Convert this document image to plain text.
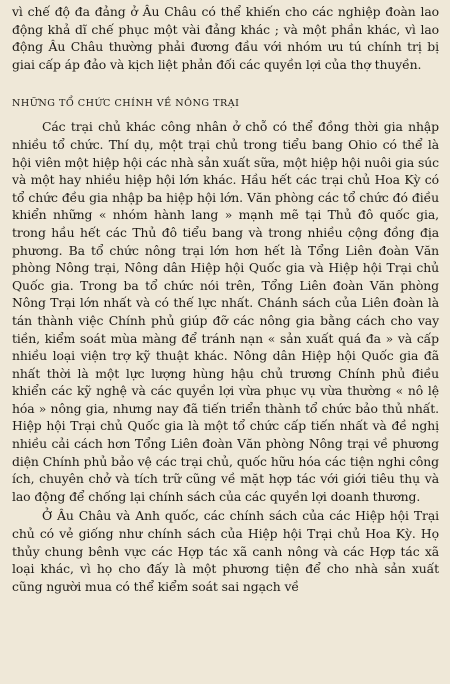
vì chế độ đa đảng ở Âu Châu có thể khiến cho các nghiệp đoàn lao động khả dĩ chế phục một vài đảng khác ; và một phần khác, vì lao động Âu Châu thường phải đương đầu với nhóm ưu tú chính trị bị giai cấp áp đảo và kịch liệt phản đối các quyền lợi của thợ thuyền.

NHỮNG TỔ CHỨC CHÍNH VỀ NÔNG TRẠI

Các trại chủ khác công nhân ở chỗ có thể đồng thời gia nhập nhiều tổ chức. Thí dụ, một trại chủ trong tiểu bang Ohio có thể là hội viên một hiệp hội các nhà sản xuất sữa, một hiệp hội nuôi gia súc và một hay nhiều hiệp hội lớn khác. Hầu hết các trại chủ Hoa Kỳ có tổ chức đều gia nhập ba hiệp hội lớn. Văn phòng các tổ chức đó điều khiển những « nhóm hành lang » mạnh mẽ tại Thủ đô quốc gia, trong hầu hết các Thủ đô tiểu bang và trong nhiều cộng đồng địa phương. Ba tổ chức nông trại lớn hơn hết là Tổng Liên đoàn Văn phòng Nông trại, Nông dân Hiệp hội Quốc gia và Hiệp hội Trại chủ Quốc gia. Trong ba tổ chức nói trên, Tổng Liên đoàn Văn phòng Nông Trại lớn nhất và có thế lực nhất. Chánh sách của Liên đoàn là tán thành việc Chính phủ giúp đỡ các nông gia bằng cách cho vay tiền, kiểm soát mùa màng để tránh nạn « sản xuất quá đa » và cấp nhiều loại viện trợ kỹ thuật khác. Nông dân Hiệp hội Quốc gia đã nhất thời là một lực lượng hùng hậu chủ trương Chính phủ điều khiển các kỹ nghệ và các quyền lợi vừa phục vụ vừa thường « nô lệ hóa » nông gia, nhưng nay đã tiến triển thành tổ chức bảo thủ nhất. Hiệp hội Trại chủ Quốc gia là một tổ chức cấp tiến nhất và đề nghị nhiều cải cách hơn Tổng Liên đoàn Văn phòng Nông trại về phương diện Chính phủ bảo vệ các trại chủ, quốc hữu hóa các tiện nghi công ích, chuyên chở và tích trữ cũng về mặt hợp tác với giới tiêu thụ và lao động để chống lại chính sách của các quyền lợi doanh thương.

Ở Âu Châu và Anh quốc, các chính sách của các Hiệp hội Trại chủ có vẻ giống như chính sách của Hiệp hội Trại chủ Hoa Kỳ. Họ thủy chung bênh vực các Hợp tác xã canh nông và các Hợp tác xã loại khác, vì họ cho đấy là một phương tiện để cho nhà sản xuất cũng người mua có thể kiểm soát sai ngạch về
